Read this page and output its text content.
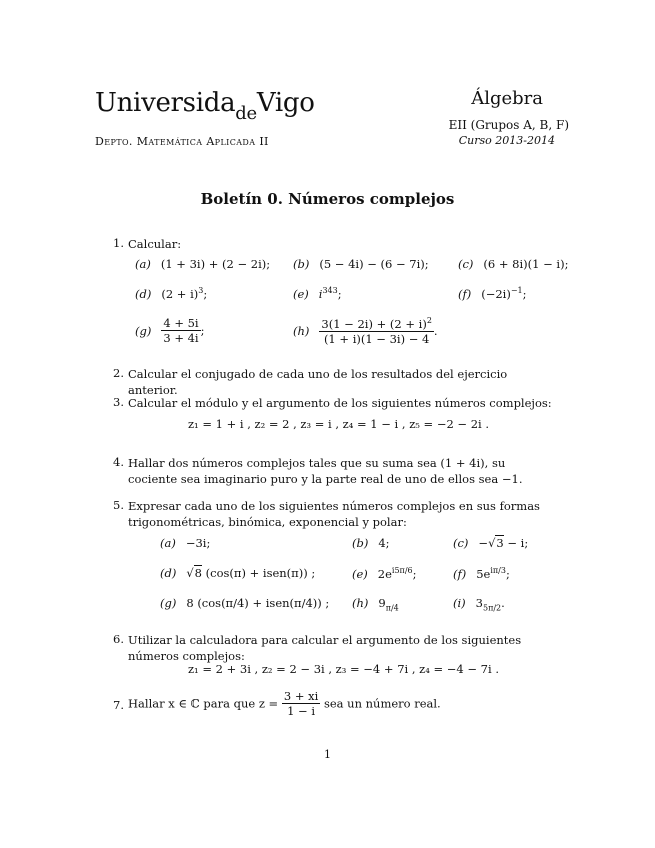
Universida$_{de}$Vigo
Depto. Matemática Aplicada II
Álgebra
EII (Grupos A, B, F)
Curso 2013-2014
Boletín 0. Números complejos
1. Calcular:
(a) (1 + 3i) + (2 − 2i); (b) (5 − 4i) − (6 − 7i);	(c) (6 + 8i)(1 − i);
(d) $(2 + i)^3$;	(e) $i^{343}$;	(f) $(-2i)^{-1}$;
$(g) \frac{4 + 5i}{3 + 4i}$ ;	$(h) \frac{3(1 - 2i) + (2 + i)^2}{(1 + i)(1 - 3i) - 4}$ .
2. Calcular el conjugado de cada uno de los resultados del ejercicio anterior.
3. Calcular el módulo y el argumento de los siguientes números complejos:
z₁ = 1 + i , z₂ = 2 , z₃ = i , z₄ = 1 − i , z₅ = −2 − 2i .
4. Hallar dos números complejos tales que su suma sea (1 + 4i), su cociente sea imaginario puro y la parte real de uno de ellos sea −1.
5. Expresar cada uno de los siguientes números complejos en sus formas trigonométricas, binómica, exponencial y polar:
(a) −3i;	(b) 4;	(c) −√3 − i;
(d) √8 (cos(π) + isen(π)) ;	(e) $2e^{i5\pi/6}$;	(f) $5e^{i\pi/3}$;
(g) 8 (cos(π/4) + isen(π/4)) ; (h) $9_{\pi/4}$	(i) $3_{5\pi/2}$.
6. Utilizar la calculadora para calcular el argumento de los siguientes números complejos:
z₁ = 2 + 3i , z₂ = 2 − 3i , z₃ = −4 + 7i , z₄ = −4 − 7i .
7. Hallar x ∈ ℂ para que $z = \frac{3 + xi}{1 - i}$ sea un número real.
1
